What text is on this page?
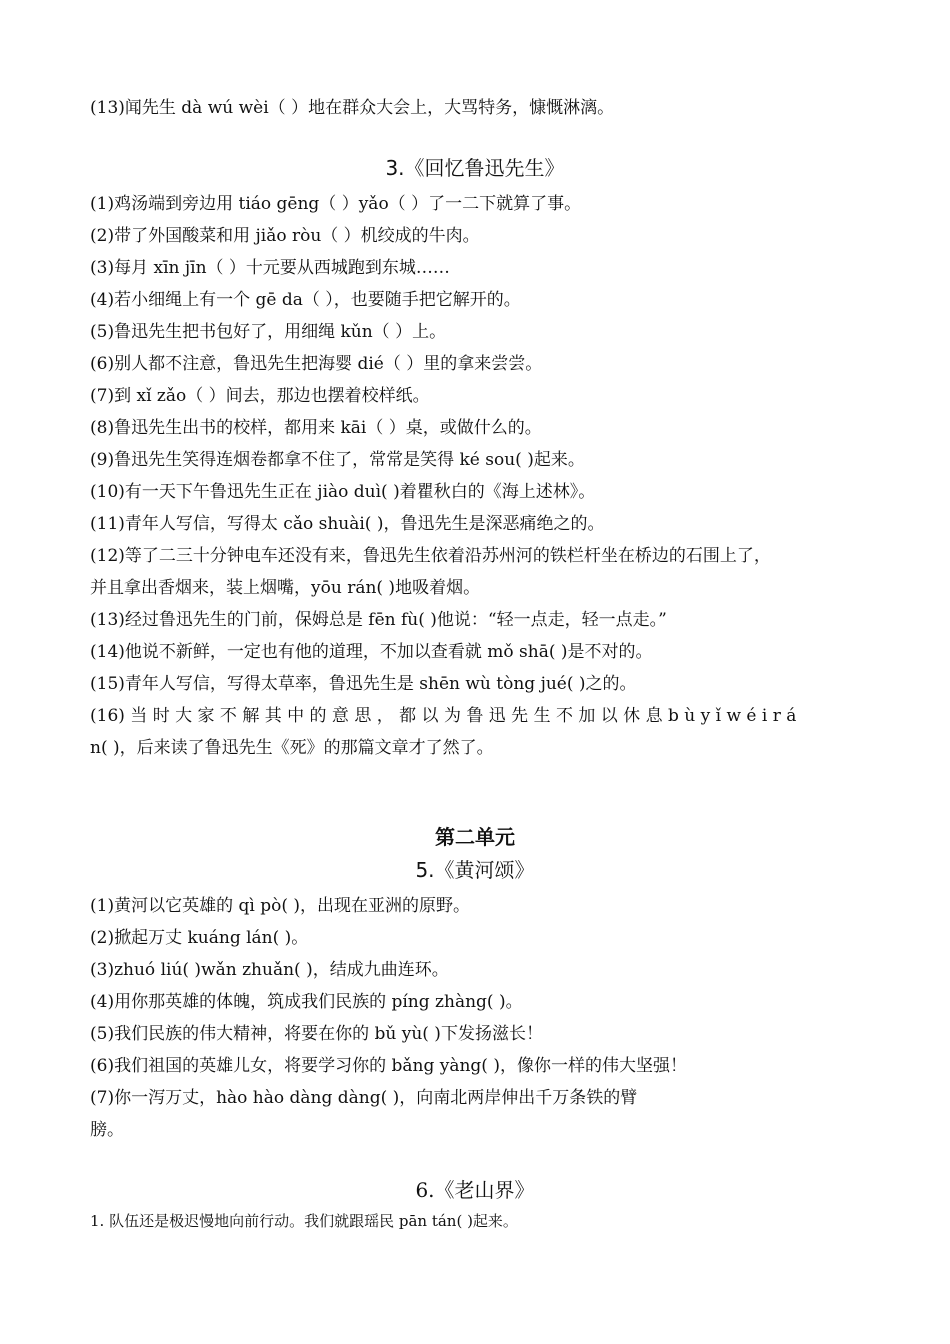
(13)闻先生 dà wú wèi（ ）地在群众大会上，大骂特务，慷慨淋漓。
3.《回忆鲁迅先生》
(1)鸡汤端到旁边用 tiáo gēng（ ）yǎo（ ）了一二下就算了事。
(2)带了外国酸菜和用 jiǎo ròu（ ）机绞成的牛肉。
(3)每月 xīn jīn（ ）十元要从西城跑到东城……
(4)若小细绳上有一个 gē da（ ），也要随手把它解开的。
(5)鲁迅先生把书包好了，用细绳 kǔn（ ）上。
(6)别人都不注意，鲁迅先生把海婴 dié（ ）里的拿来尝尝。
(7)到 xǐ zǎo（ ）间去，那边也摆着校样纸。
(8)鲁迅先生出书的校样，都用来 kāi（ ）桌，或做什么的。
(9)鲁迅先生笑得连烟卷都拿不住了，常常是笑得 ké sou( )起来。
(10)有一天下午鲁迅先生正在 jiào duì( )着瞿秋白的《海上述林》。
(11)青年人写信，写得太 cǎo shuài( )，鲁迅先生是深恶痛绝之的。
(12)等了二三十分钟电车还没有来，鲁迅先生依着沿苏州河的铁栏杆坐在桥边的石围上了，
并且拿出香烟来，装上烟嘴，yōu rán( )地吸着烟。
(13)经过鲁迅先生的门前，保姆总是 fēn fù( )他说：“轻一点走，轻一点走。”
(14)他说不新鲜，一定也有他的道理，不加以查看就 mǒ shā( )是不对的。
(15)青年人写信，写得太草率，鲁迅先生是 shēn wù tòng jué( )之的。
(16) 当 时 大 家 不 解 其 中 的 意 思 ， 都 以 为 鲁 迅 先 生 不 加 以 休 息 b ù y ǐ w é i r á
n( )，后来读了鲁迅先生《死》的那篇文章才了然了。
第二单元
5.《黄河颂》
(1)黄河以它英雄的 qì pò( )，出现在亚洲的原野。
(2)掀起万丈 kuáng lán( )。
(3)zhuó liú( )wǎn zhuǎn( )，结成九曲连环。
(4)用你那英雄的体魄，筑成我们民族的 píng zhàng( )。
(5)我们民族的伟大精神，将要在你的 bǔ yù( )下发扬滋长！
(6)我们祖国的英雄儿女，将要学习你的 bǎng yàng( )，像你一样的伟大坚强！
(7)你一泻万丈，hào hào dàng dàng( )，向南北两岸伸出千万条铁的臂
膀。
6.《老山界》
1. 队伍还是极迟慢地向前行动。我们就跟瑶民 pān tán( )起来。
